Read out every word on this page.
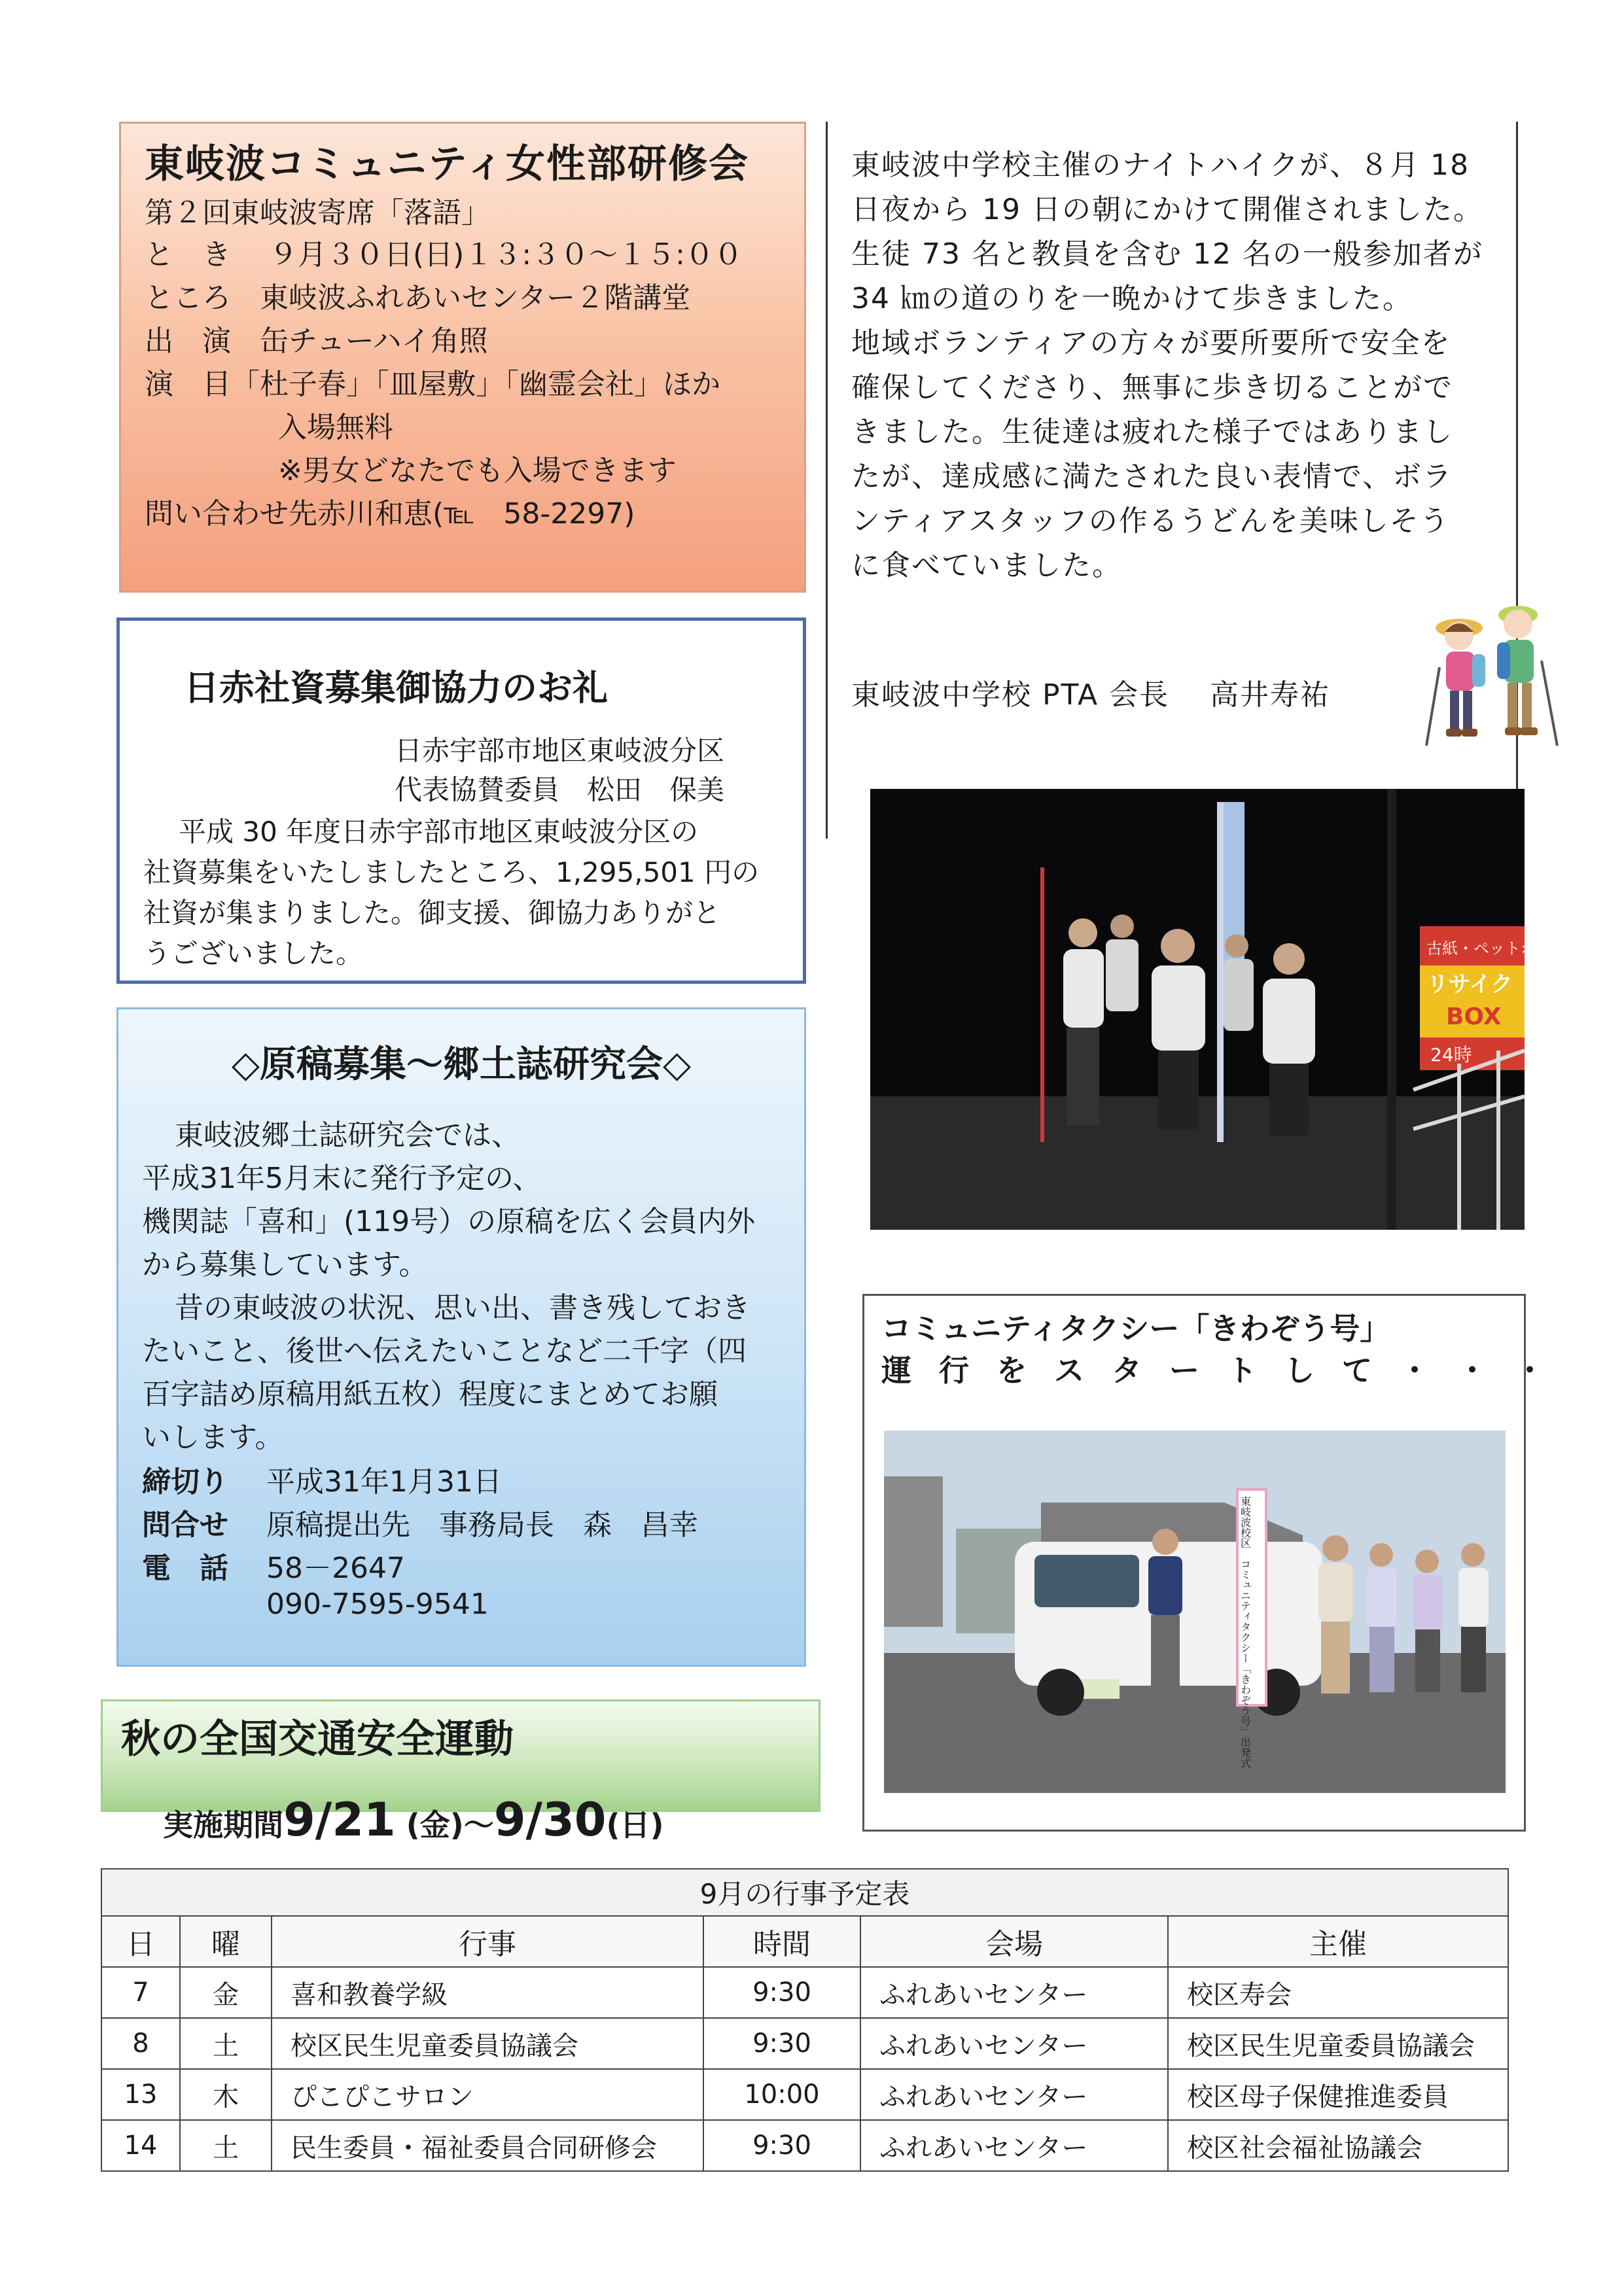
東岐波コミュニティ女性部研修会
第２回東岐波寄席「落語」
と　き　 ９月３０日(日)１３:３０～１５:００
ところ　東岐波ふれあいセンター２階講堂
出　演　缶チューハイ角照
演　目「杜子春」「皿屋敷」「幽霊会社」ほか
入場無料
※男女どなたでも入場できます
問い合わせ先赤川和恵(℡　58-2297)
日赤社資募集御協力のお礼
日赤宇部市地区東岐波分区
代表協賛委員　松田　保美
平成 30 年度日赤宇部市地区東岐波分区の
社資募集をいたしましたところ、1,295,501 円の
社資が集まりました。御支援、御協力ありがと
うございました。
◇原稿募集～郷土誌研究会◇
東岐波郷土誌研究会では、
平成31年5月末に発行予定の、
機関誌「喜和」(119号）の原稿を広く会員内外
から募集しています。
昔の東岐波の状況、思い出、書き残しておき
たいこと、後世へ伝えたいことなど二千字（四
百字詰め原稿用紙五枚）程度にまとめてお願
いします。
締切り 平成31年1月31日
問合せ 原稿提出先　事務局長　森　昌幸
電　話 58－2647
090-7595-9541
秋の全国交通安全運動

実施期間9/21 (金)～9/30(日)

東岐波中学校主催のナイトハイクが、８月 18
日夜から 19 日の朝にかけて開催されました。
生徒 73 名と教員を含む 12 名の一般参加者が
34 ㎞の道のりを一晩かけて歩きました。
地域ボランティアの方々が要所要所で安全を
確保してくださり、無事に歩き切ることがで
きました。生徒達は疲れた様子ではありまし
たが、達成感に満たされた良い表情で、ボラ
ンティアスタッフの作るうどんを美味しそう
に食べていました。
東岐波中学校 PTA 会長　 高井寿祐
古紙・ペットボトル
リサイク
BOX
24時
コミュニティタクシー「きわぞう号」
運行をスタートして・・・
東岐波校区　コミュニティタクシー「きわぞう号」出発式
9月の行事予定表					
日	曜	行事	時間	会場	主催
7	金	喜和教養学級	9:30	ふれあいセンター	校区寿会
8	土	校区民生児童委員協議会	9:30	ふれあいセンター	校区民生児童委員協議会
13	木	ぴこぴこサロン	10:00	ふれあいセンター	校区母子保健推進委員
14	土	民生委員・福祉委員合同研修会	9:30	ふれあいセンター	校区社会福祉協議会
